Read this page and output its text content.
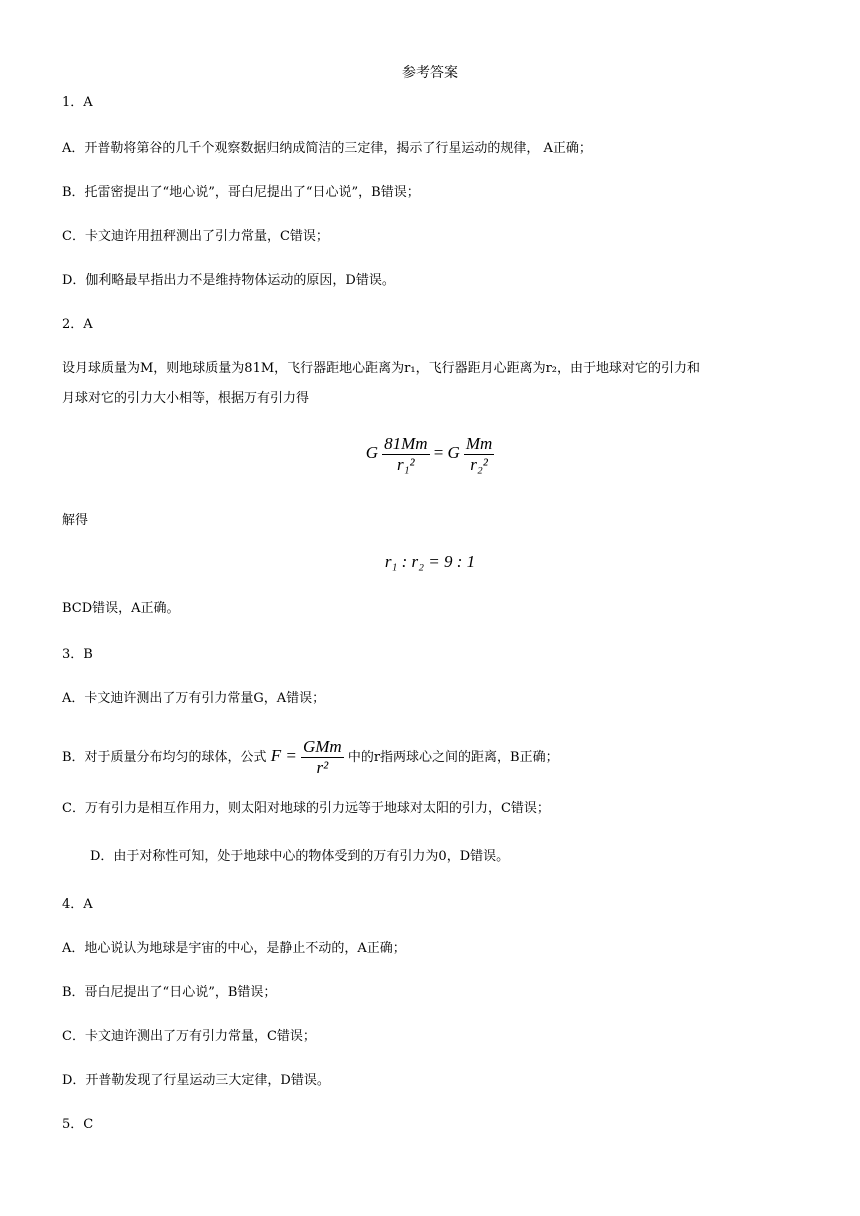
参考答案
1．A
A．开普勒将第谷的几千个观察数据归纳成简洁的三定律，揭示了行星运动的规律， A正确；
B．托雷密提出了“地心说”，哥白尼提出了“日心说”，B错误；
C．卡文迪许用扭秤测出了引力常量，C错误；
D．伽利略最早指出力不是维持物体运动的原因，D错误。
2．A
设月球质量为M，则地球质量为81M，飞行器距地心距离为r₁，飞行器距月心距离为r₂，由于地球对它的引力和
月球对它的引力大小相等，根据万有引力得
G $\frac{81Mm}{\text{r₁²}} = G \frac{Mm}{\text{r₂²}}$
解得
r₁ : r₂ = 9 : 1
BCD错误，A正确。
3．B
A．卡文迪许测出了万有引力常量G，A错误；
B．对于质量分布均匀的球体，公式 $F = \frac{\text{GMm}}{\text{r²}}$ 中的r指两球心之间的距离，B正确；
C．万有引力是相互作用力，则太阳对地球的引力远等于地球对太阳的引力，C错误；
D．由于对称性可知，处于地球中心的物体受到的万有引力为0，D错误。
4．A
A．地心说认为地球是宇宙的中心，是静止不动的，A正确；
B．哥白尼提出了“日心说”，B错误；
C．卡文迪许测出了万有引力常量，C错误；
D．开普勒发现了行星运动三大定律，D错误。
5．C
